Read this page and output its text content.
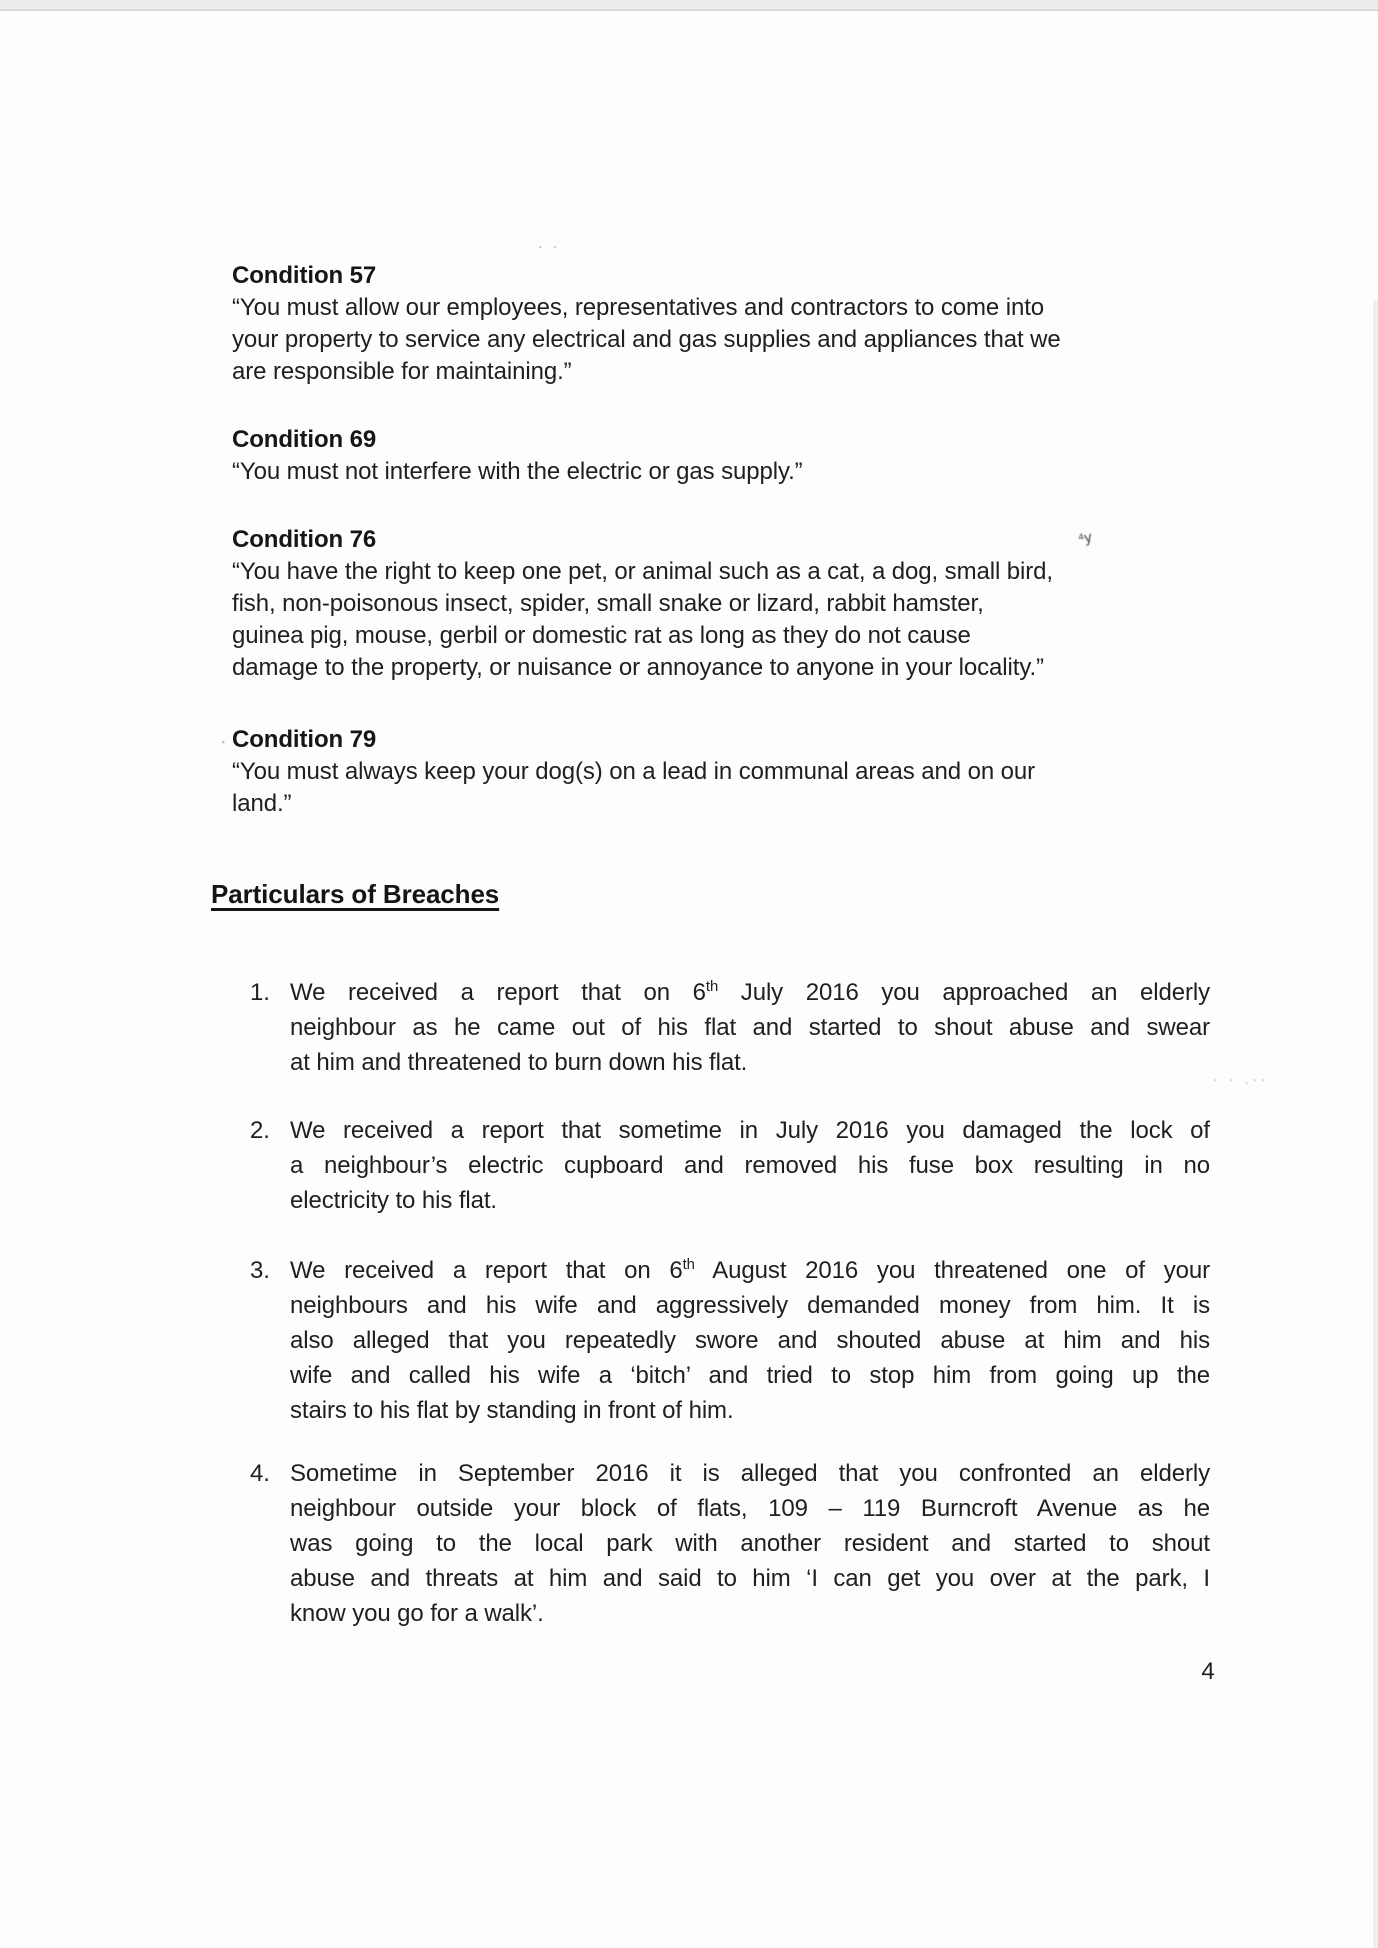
Condition 57
“You must allow our employees, representatives and contractors to come into
your property to service any electrical and gas supplies and appliances that we
are responsible for maintaining.”
Condition 69
“You must not interfere with the electric or gas supply.”
Condition 76
“You have the right to keep one pet, or animal such as a cat, a dog, small bird,
fish, non-poisonous insect, spider, small snake or lizard, rabbit hamster,
guinea pig, mouse, gerbil or domestic rat as long as they do not cause
damage to the property, or nuisance or annoyance to anyone in your locality.”
Condition 79
“You must always keep your dog(s) on a lead in communal areas and on our
land.”
Particulars of Breaches
1. We received a report that on 6th July 2016 you approached an elderly
neighbour as he came out of his flat and started to shout abuse and swear
at him and threatened to burn down his flat.
2. We received a report that sometime in July 2016 you damaged the lock of
a neighbour’s electric cupboard and removed his fuse box resulting in no
electricity to his flat.
3. We received a report that on 6th August 2016 you threatened one of your
neighbours and his wife and aggressively demanded money from him. It is
also alleged that you repeatedly swore and shouted abuse at him and his
wife and called his wife a ‘bitch’ and tried to stop him from going up the
stairs to his flat by standing in front of him.
4. Sometime in September 2016 it is alleged that you confronted an elderly
neighbour outside your block of flats, 109 – 119 Burncroft Avenue as he
was going to the local park with another resident and started to shout
abuse and threats at him and said to him ‘I can get you over at the park, I
know you go for a walk’.
4
⁴y
· ·
· · .··
.
